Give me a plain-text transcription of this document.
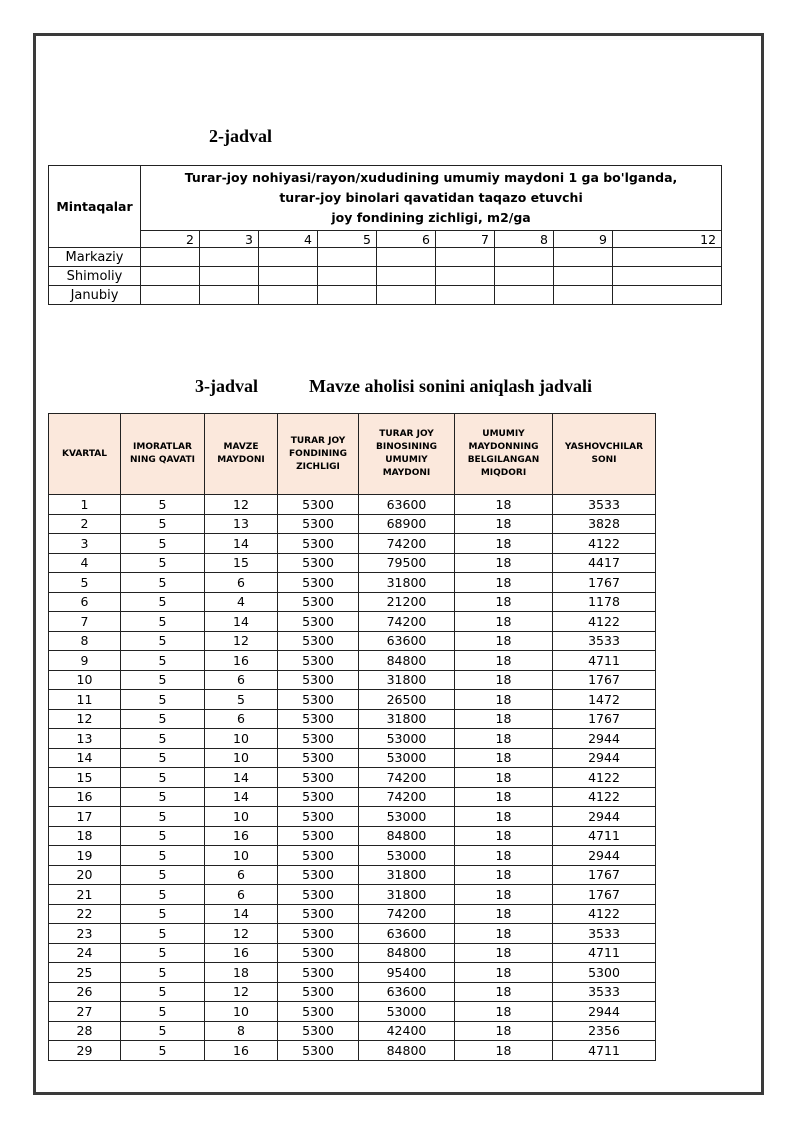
2-jadval
Mintaqalar	Turar-joy nohiyasi/rayon/xududining umumiy maydoni 1 ga bo'lganda,
turar-joy binolari qavatidan taqazo etuvchi
joy fondining zichligi, m2/ga								

	2	3	4	5	6	7	8	9	12
Markaziy									
Shimoliy									
Janubiy									
3-jadval	Mavze aholisi sonini aniqlash jadvali
KVARTAL	IMORATLAR NING QAVATI	MAVZE MAYDONI	TURAR JOY FONDINING ZICHLIGI	TURAR JOY BINOSINING UMUMIY MAYDONI	UMUMIY MAYDONNING BELGILANGAN MIQDORI	YASHOVCHILAR SONI
1	5	12	5300	63600	18	3533
2	5	13	5300	68900	18	3828
3	5	14	5300	74200	18	4122
4	5	15	5300	79500	18	4417
5	5	6	5300	31800	18	1767
6	5	4	5300	21200	18	1178
7	5	14	5300	74200	18	4122
8	5	12	5300	63600	18	3533
9	5	16	5300	84800	18	4711
10	5	6	5300	31800	18	1767
11	5	5	5300	26500	18	1472
12	5	6	5300	31800	18	1767
13	5	10	5300	53000	18	2944
14	5	10	5300	53000	18	2944
15	5	14	5300	74200	18	4122
16	5	14	5300	74200	18	4122
17	5	10	5300	53000	18	2944
18	5	16	5300	84800	18	4711
19	5	10	5300	53000	18	2944
20	5	6	5300	31800	18	1767
21	5	6	5300	31800	18	1767
22	5	14	5300	74200	18	4122
23	5	12	5300	63600	18	3533
24	5	16	5300	84800	18	4711
25	5	18	5300	95400	18	5300
26	5	12	5300	63600	18	3533
27	5	10	5300	53000	18	2944
28	5	8	5300	42400	18	2356
29	5	16	5300	84800	18	4711
